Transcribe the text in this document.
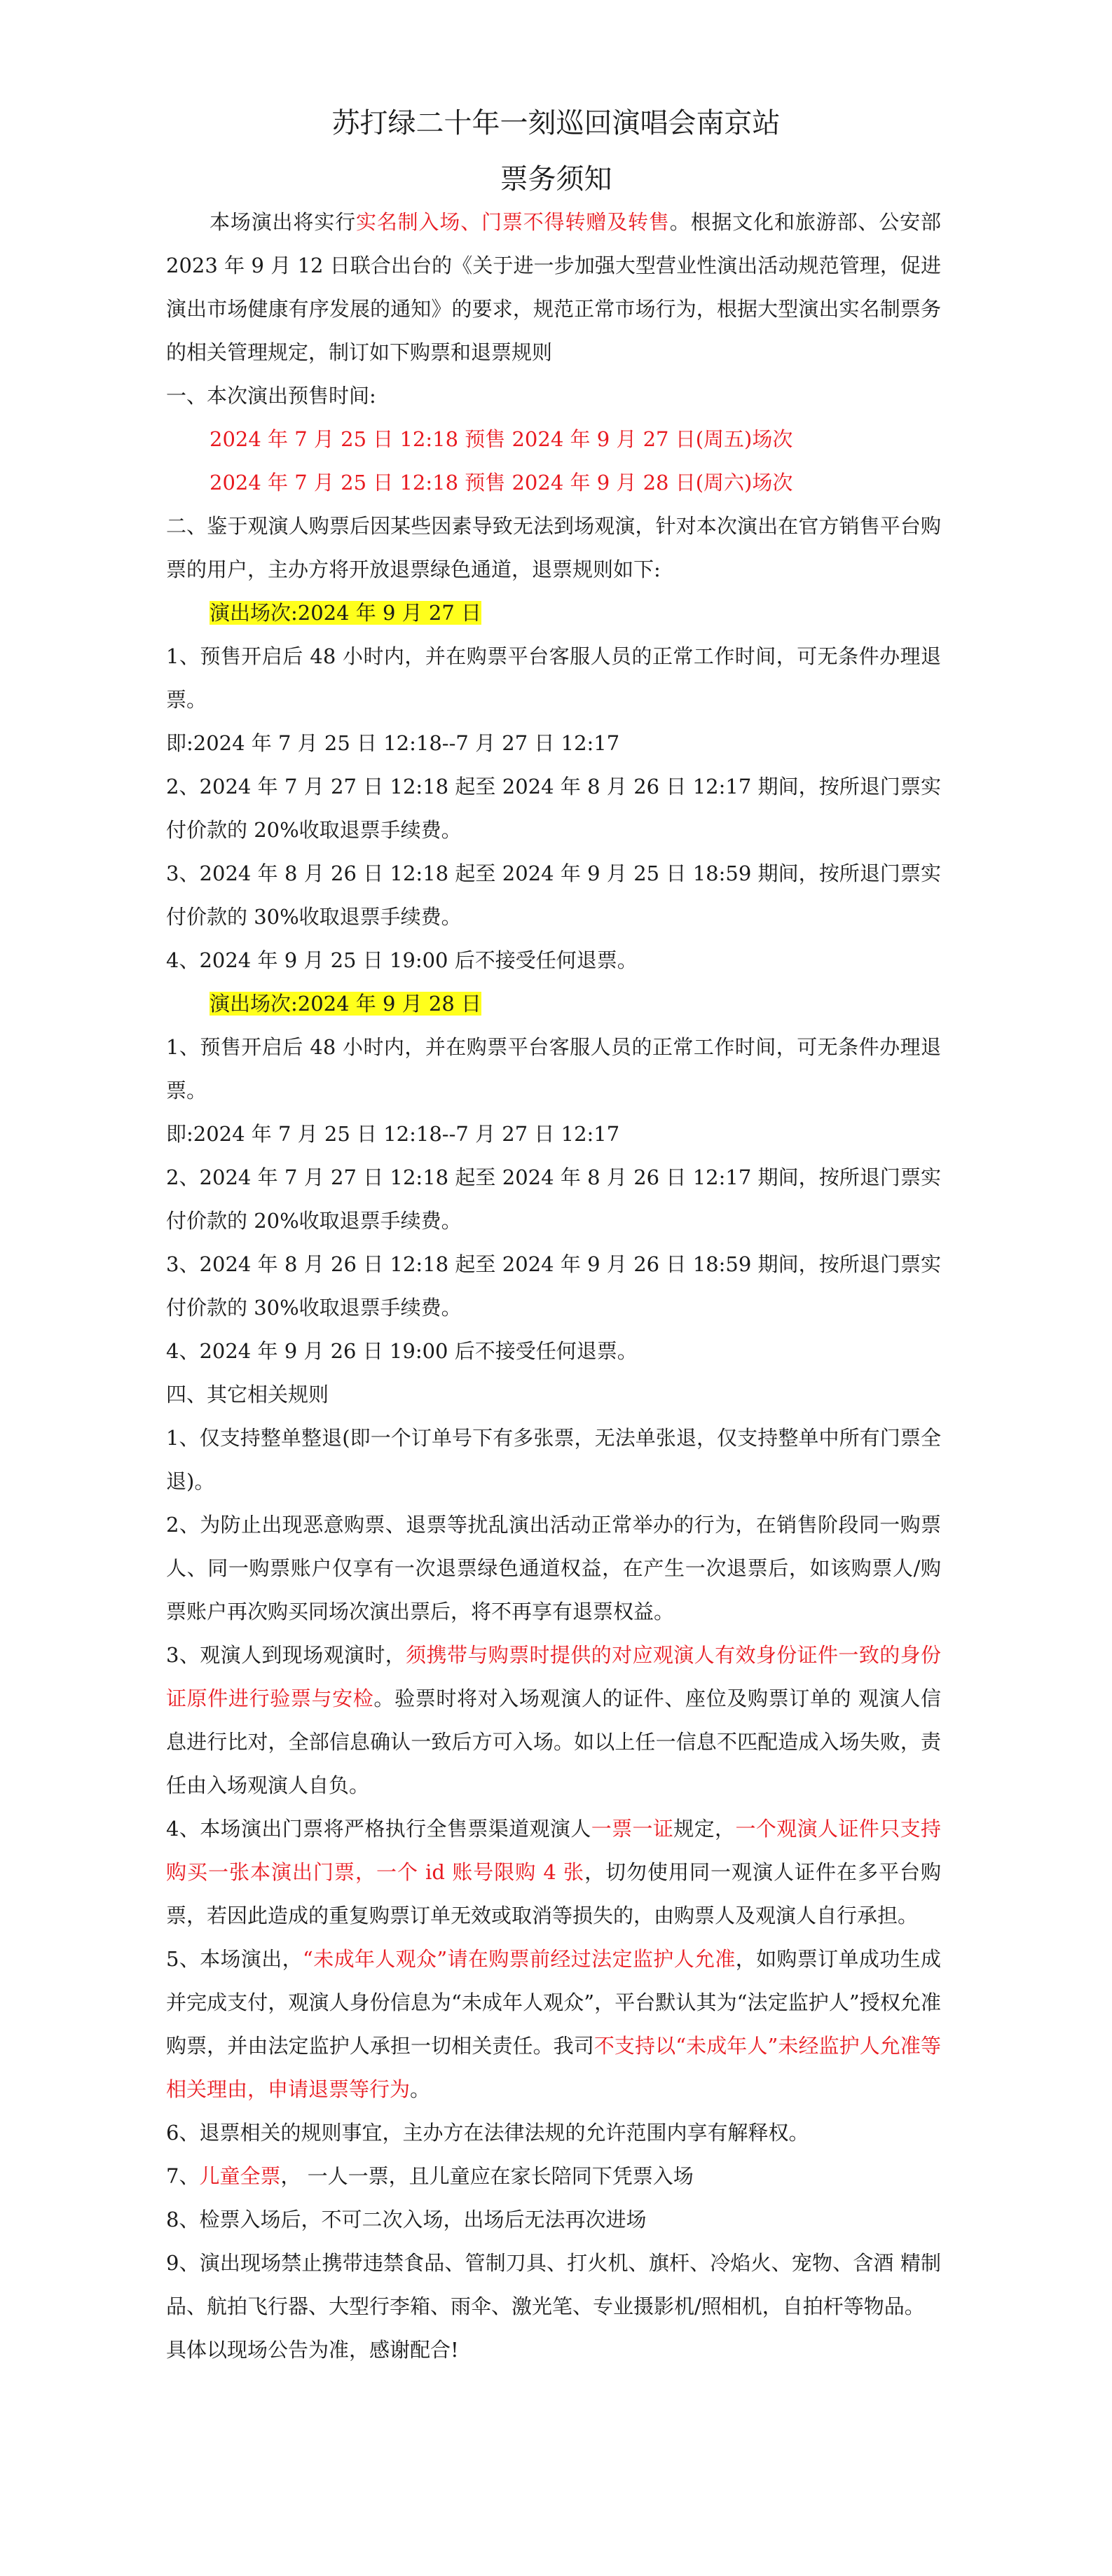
苏打绿二十年一刻巡回演唱会南京站
票务须知

本场演出将实行实名制入场、门票不得转赠及转售。根据文化和旅游部、公安部 2023 年 9 月 12 日联合出台的《关于进一步加强大型营业性演出活动规范管理，促进演出市场健康有序发展的通知》的要求，规范正常市场行为，根据大型演出实名制票务的相关管理规定，制订如下购票和退票规则

一、本次演出预售时间:

2024 年 7 月 25 日 12:18 预售 2024 年 9 月 27 日(周五)场次

2024 年 7 月 25 日 12:18 预售 2024 年 9 月 28 日(周六)场次

二、鉴于观演人购票后因某些因素导致无法到场观演，针对本次演出在官方销售平台购票的用户，主办方将开放退票绿色通道，退票规则如下:

演出场次:2024 年 9 月 27 日

1、预售开启后 48 小时内，并在购票平台客服人员的正常工作时间，可无条件办理退票。

即:2024 年 7 月 25 日 12:18--7 月 27 日 12:17

2、2024 年 7 月 27 日 12:18 起至 2024 年 8 月 26 日 12:17 期间，按所退门票实付价款的 20%收取退票手续费。

3、2024 年 8 月 26 日 12:18 起至 2024 年 9 月 25 日 18:59 期间，按所退门票实付价款的 30%收取退票手续费。

4、2024 年 9 月 25 日 19:00 后不接受任何退票。

演出场次:2024 年 9 月 28 日

1、预售开启后 48 小时内，并在购票平台客服人员的正常工作时间，可无条件办理退票。

即:2024 年 7 月 25 日 12:18--7 月 27 日 12:17

2、2024 年 7 月 27 日 12:18 起至 2024 年 8 月 26 日 12:17 期间，按所退门票实付价款的 20%收取退票手续费。

3、2024 年 8 月 26 日 12:18 起至 2024 年 9 月 26 日 18:59 期间，按所退门票实付价款的 30%收取退票手续费。

4、2024 年 9 月 26 日 19:00 后不接受任何退票。

四、其它相关规则

1、仅支持整单整退(即一个订单号下有多张票，无法单张退，仅支持整单中所有门票全退)。

2、为防止出现恶意购票、退票等扰乱演出活动正常举办的行为，在销售阶段同一购票人、同一购票账户仅享有一次退票绿色通道权益，在产生一次退票后，如该购票人/购票账户再次购买同场次演出票后，将不再享有退票权益。

3、观演人到现场观演时，须携带与购票时提供的对应观演人有效身份证件一致的身份证原件进行验票与安检。验票时将对入场观演人的证件、座位及购票订单的 观演人信息进行比对，全部信息确认一致后方可入场。如以上任一信息不匹配造成入场失败，责任由入场观演人自负。

4、本场演出门票将严格执行全售票渠道观演人一票一证规定，一个观演人证件只支持购买一张本演出门票，一个 id 账号限购 4 张，切勿使用同一观演人证件在多平台购票，若因此造成的重复购票订单无效或取消等损失的，由购票人及观演人自行承担。

5、本场演出，“未成年人观众”请在购票前经过法定监护人允准，如购票订单成功生成并完成支付，观演人身份信息为“未成年人观众”，平台默认其为“法定监护人”授权允准购票，并由法定监护人承担一切相关责任。我司不支持以“未成年人”未经监护人允准等相关理由，申请退票等行为。

6、退票相关的规则事宜，主办方在法律法规的允许范围内享有解释权。

7、儿童全票， 一人一票，且儿童应在家长陪同下凭票入场

8、检票入场后，不可二次入场，出场后无法再次进场

9、演出现场禁止携带违禁食品、管制刀具、打火机、旗杆、冷焰火、宠物、含酒 精制品、航拍飞行器、大型行李箱、雨伞、激光笔、专业摄影机/照相机，自拍杆等物品。

具体以现场公告为准，感谢配合!
